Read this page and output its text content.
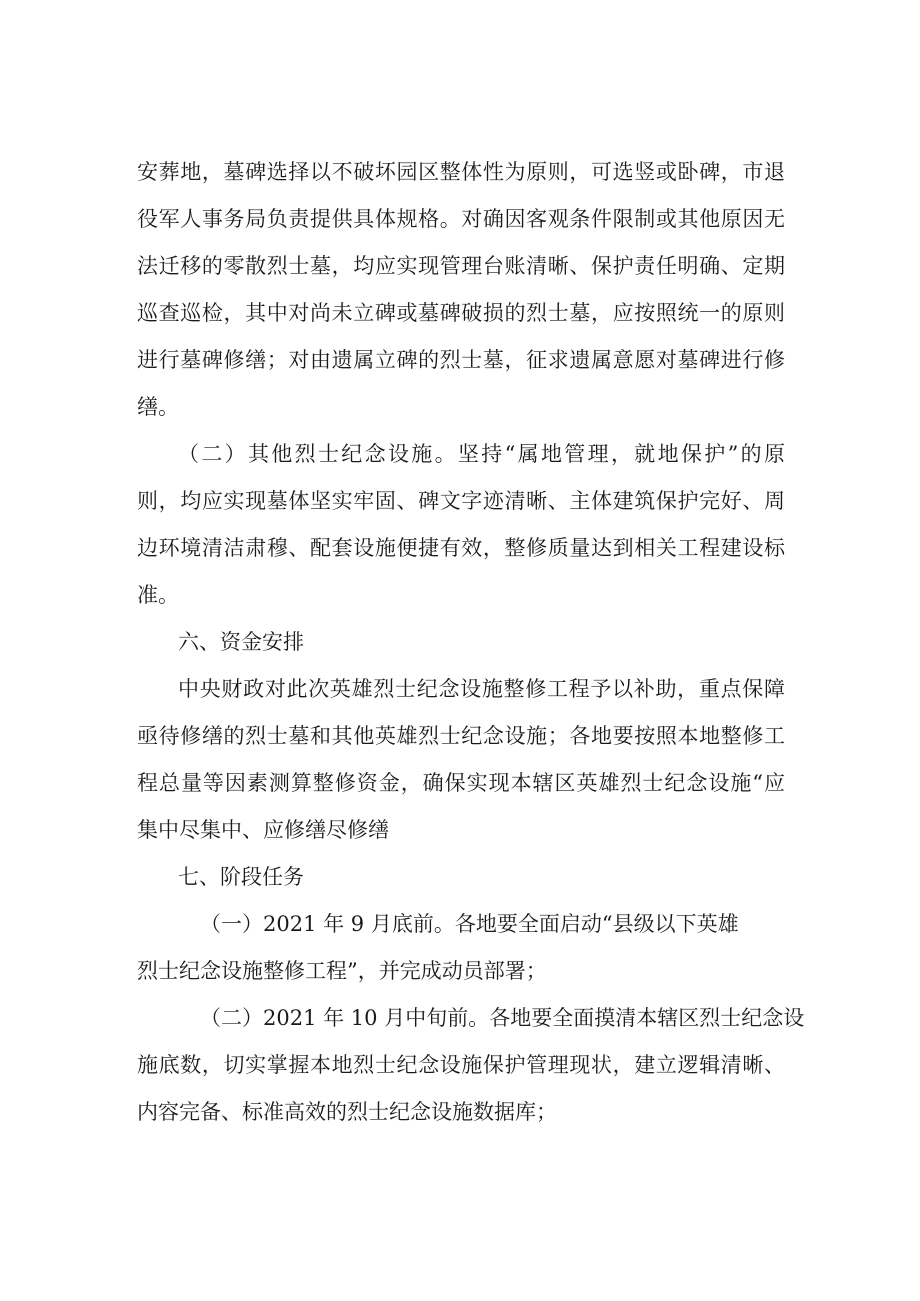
安葬地，墓碑选择以不破坏园区整体性为原则，可选竖或卧碑，市退
役军人事务局负责提供具体规格。对确因客观条件限制或其他原因无
法迁移的零散烈士墓，均应实现管理台账清晰、保护责任明确、定期
巡查巡检，其中对尚未立碑或墓碑破损的烈士墓，应按照统一的原则
进行墓碑修缮；对由遗属立碑的烈士墓，征求遗属意愿对墓碑进行修
缮。
（二）其他烈士纪念设施。坚持“属地管理，就地保护”的原
则，均应实现墓体坚实牢固、碑文字迹清晰、主体建筑保护完好、周
边环境清洁肃穆、配套设施便捷有效，整修质量达到相关工程建设标
准。
六、资金安排
中央财政对此次英雄烈士纪念设施整修工程予以补助，重点保障
亟待修缮的烈士墓和其他英雄烈士纪念设施；各地要按照本地整修工
程总量等因素测算整修资金，确保实现本辖区英雄烈士纪念设施“应
集中尽集中、应修缮尽修缮
七、阶段任务
（一）2021 年 9 月底前。各地要全面启动“县级以下英雄
烈士纪念设施整修工程”，并完成动员部署；
（二）2021 年 10 月中旬前。各地要全面摸清本辖区烈士纪念设
施底数，切实掌握本地烈士纪念设施保护管理现状，建立逻辑清晰、
内容完备、标准高效的烈士纪念设施数据库；
